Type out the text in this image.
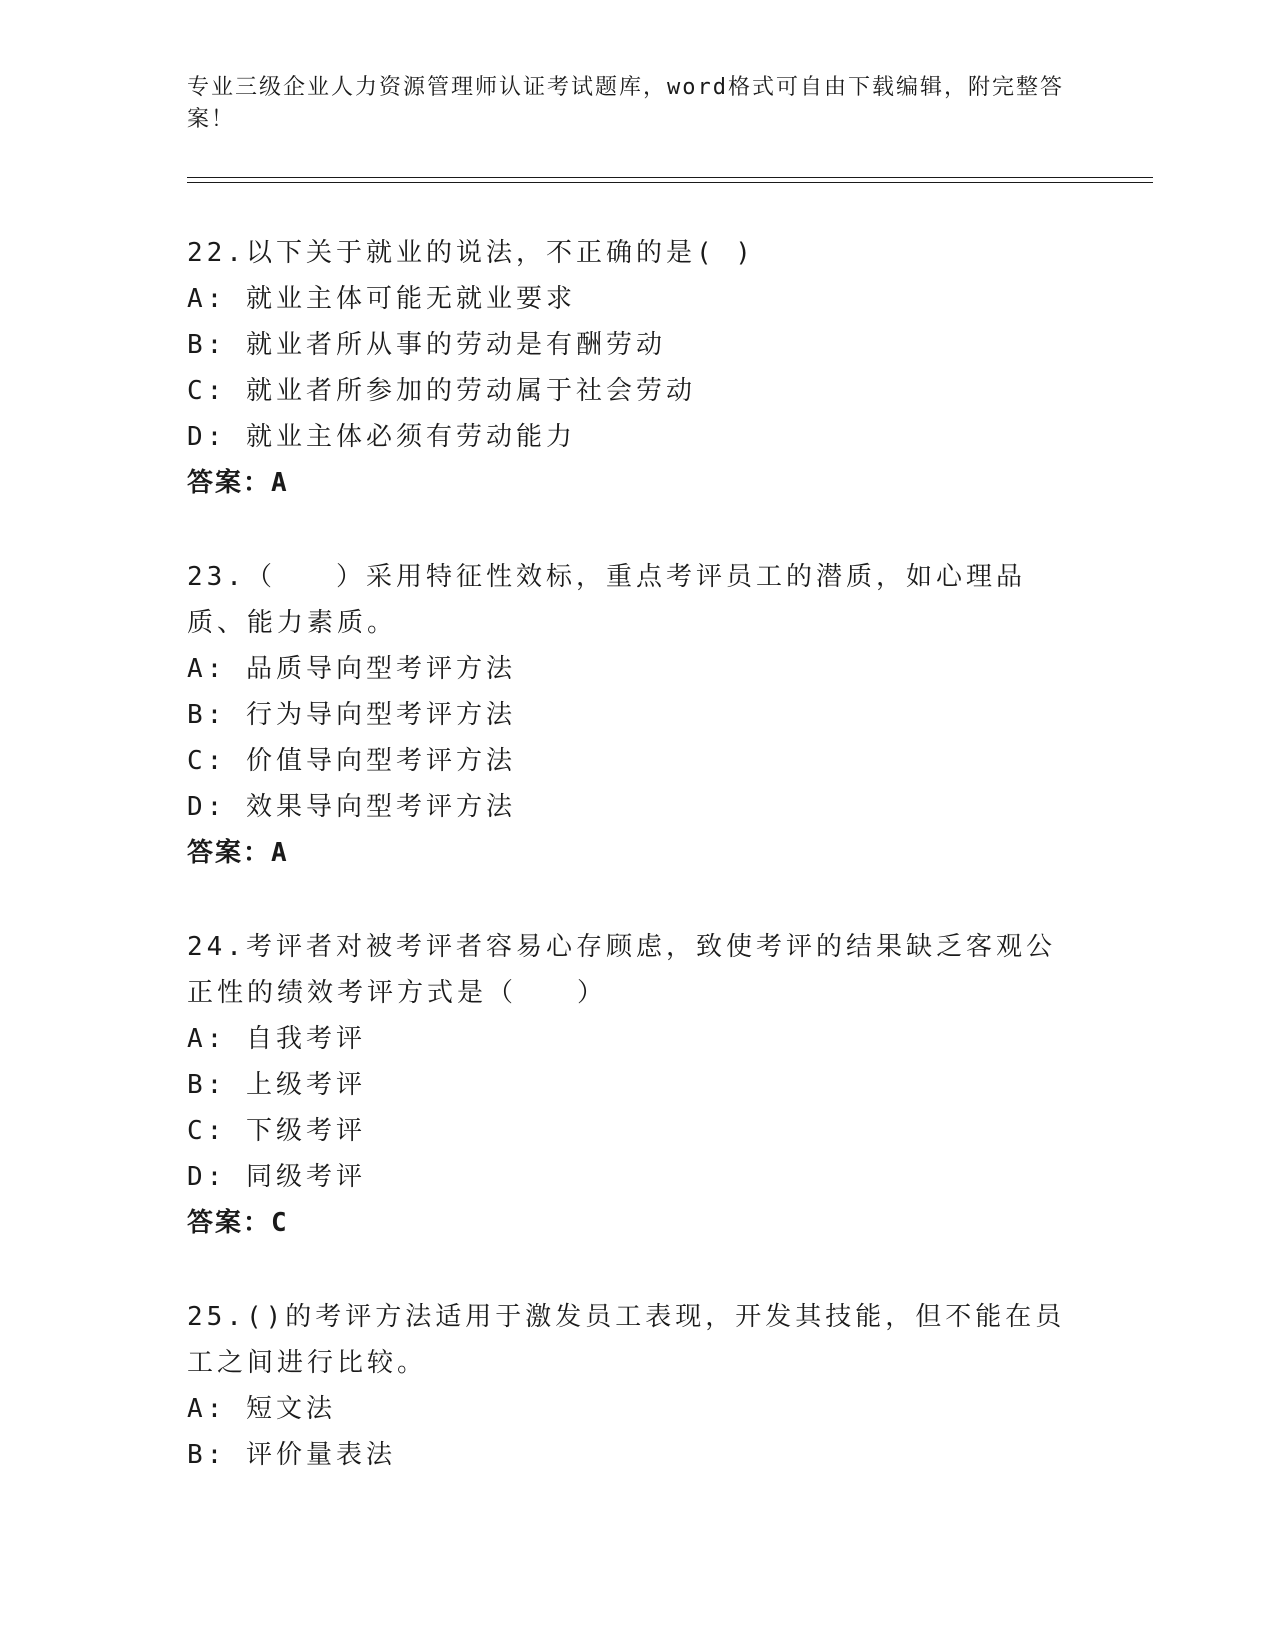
专业三级企业人力资源管理师认证考试题库，word格式可自由下载编辑，附完整答案！

22.以下关于就业的说法，不正确的是( )

A: 就业主体可能无就业要求

B: 就业者所从事的劳动是有酬劳动

C: 就业者所参加的劳动属于社会劳动

D: 就业主体必须有劳动能力

答案：A

23.（　　）采用特征性效标，重点考评员工的潜质，如心理品质、能力素质。

A: 品质导向型考评方法

B: 行为导向型考评方法

C: 价值导向型考评方法

D: 效果导向型考评方法

答案：A

24.考评者对被考评者容易心存顾虑，致使考评的结果缺乏客观公正性的绩效考评方式是（　　）

A: 自我考评

B: 上级考评

C: 下级考评

D: 同级考评

答案：C

25.()的考评方法适用于激发员工表现，开发其技能，但不能在员工之间进行比较。

A: 短文法

B: 评价量表法
